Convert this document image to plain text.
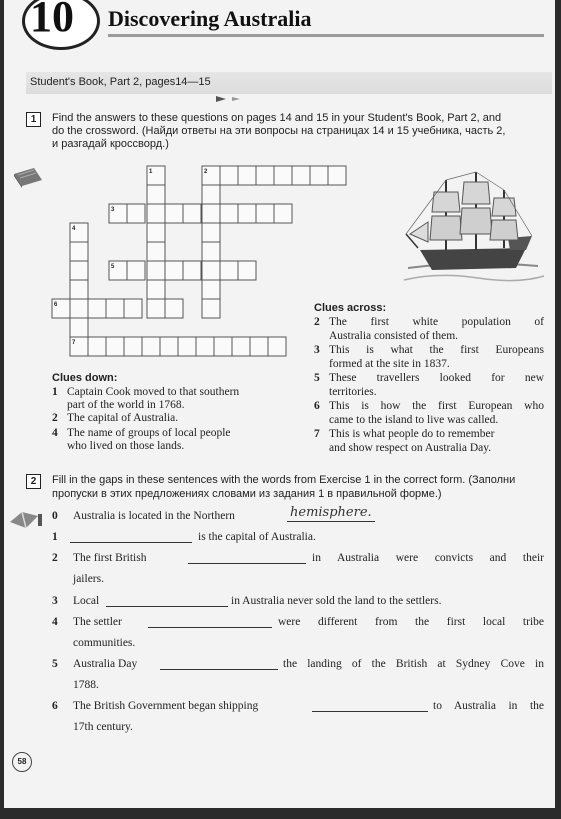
10 Discovering Australia
Student's Book, Part 2, pages14—15
1	Find the answers to these questions on pages 14 and 15 in your Student's Book, Part 2, and
do the crossword. (Найди ответы на эти вопросы на страницах 14 и 15 учебника, часть 2,
и разгадай кроссворд.)
1	2
3
4
5
6
7
Clues down:
1 Captain Cook moved to that southern
part of the world in 1768.
2 The capital of Australia.
4 The name of groups of local people
who lived on those lands.
Clues across:
2 The first white population of
Australia consisted of them.
3 This is what the first Europeans
formed at the site in 1837.
5 These travellers looked for new
territories.
6 This is how the first European who
came to the island to live was called.
7 This is what people do to remember
and show respect on Australia Day.
2	Fill in the gaps in these sentences with the words from Exercise 1 in the correct form. (Заполни
пропуски в этих предложениях словами из задания 1 в правильной форме.)
0 Australia is located in the Northern	hemisphere.
1	is the capital of Australia.
2 The first British	in Australia were convicts and their
jailers.
3 Local	in Australia never sold the land to the settlers.
4 The settler	were different from the first local tribe
communities.
5 Australia Day	the landing of the British at Sydney Cove in
1788.
6 The British Government began shipping	to Australia in the
17th century.
58
